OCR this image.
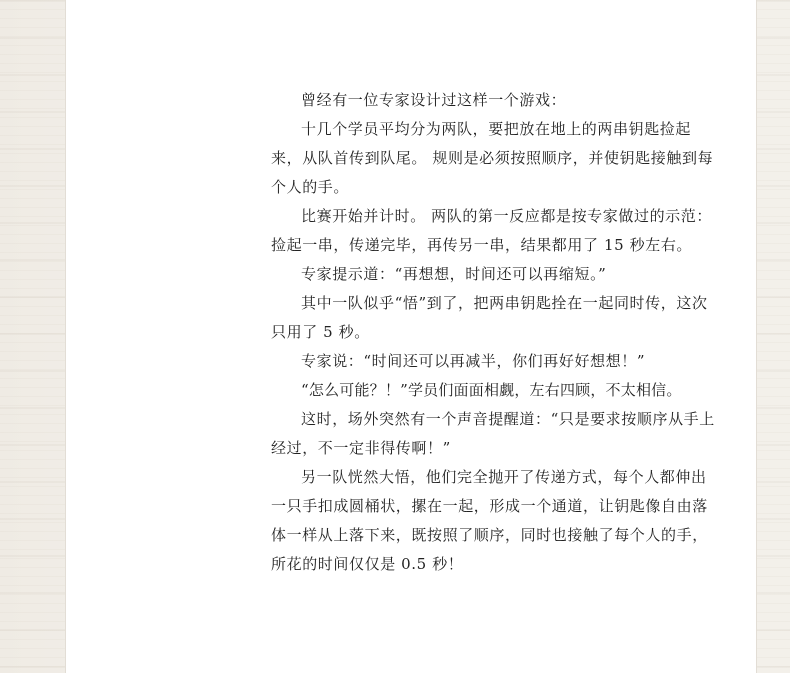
曾经有一位专家设计过这样一个游戏：

十几个学员平均分为两队，要把放在地上的两串钥匙捡起来，从队首传到队尾。 规则是必须按照顺序，并使钥匙接触到每个人的手。

比赛开始并计时。 两队的第一反应都是按专家做过的示范：捡起一串，传递完毕，再传另一串，结果都用了 15 秒左右。

专家提示道：“再想想，时间还可以再缩短。”

其中一队似乎“悟”到了，把两串钥匙拴在一起同时传，这次只用了 5 秒。

专家说：“时间还可以再减半，你们再好好想想！”

“怎么可能？！”学员们面面相觑，左右四顾，不太相信。

这时，场外突然有一个声音提醒道：“只是要求按顺序从手上经过，不一定非得传啊！”

另一队恍然大悟，他们完全抛开了传递方式，每个人都伸出一只手扣成圆桶状，摞在一起，形成一个通道，让钥匙像自由落体一样从上落下来，既按照了顺序，同时也接触了每个人的手，所花的时间仅仅是 0.5 秒！
